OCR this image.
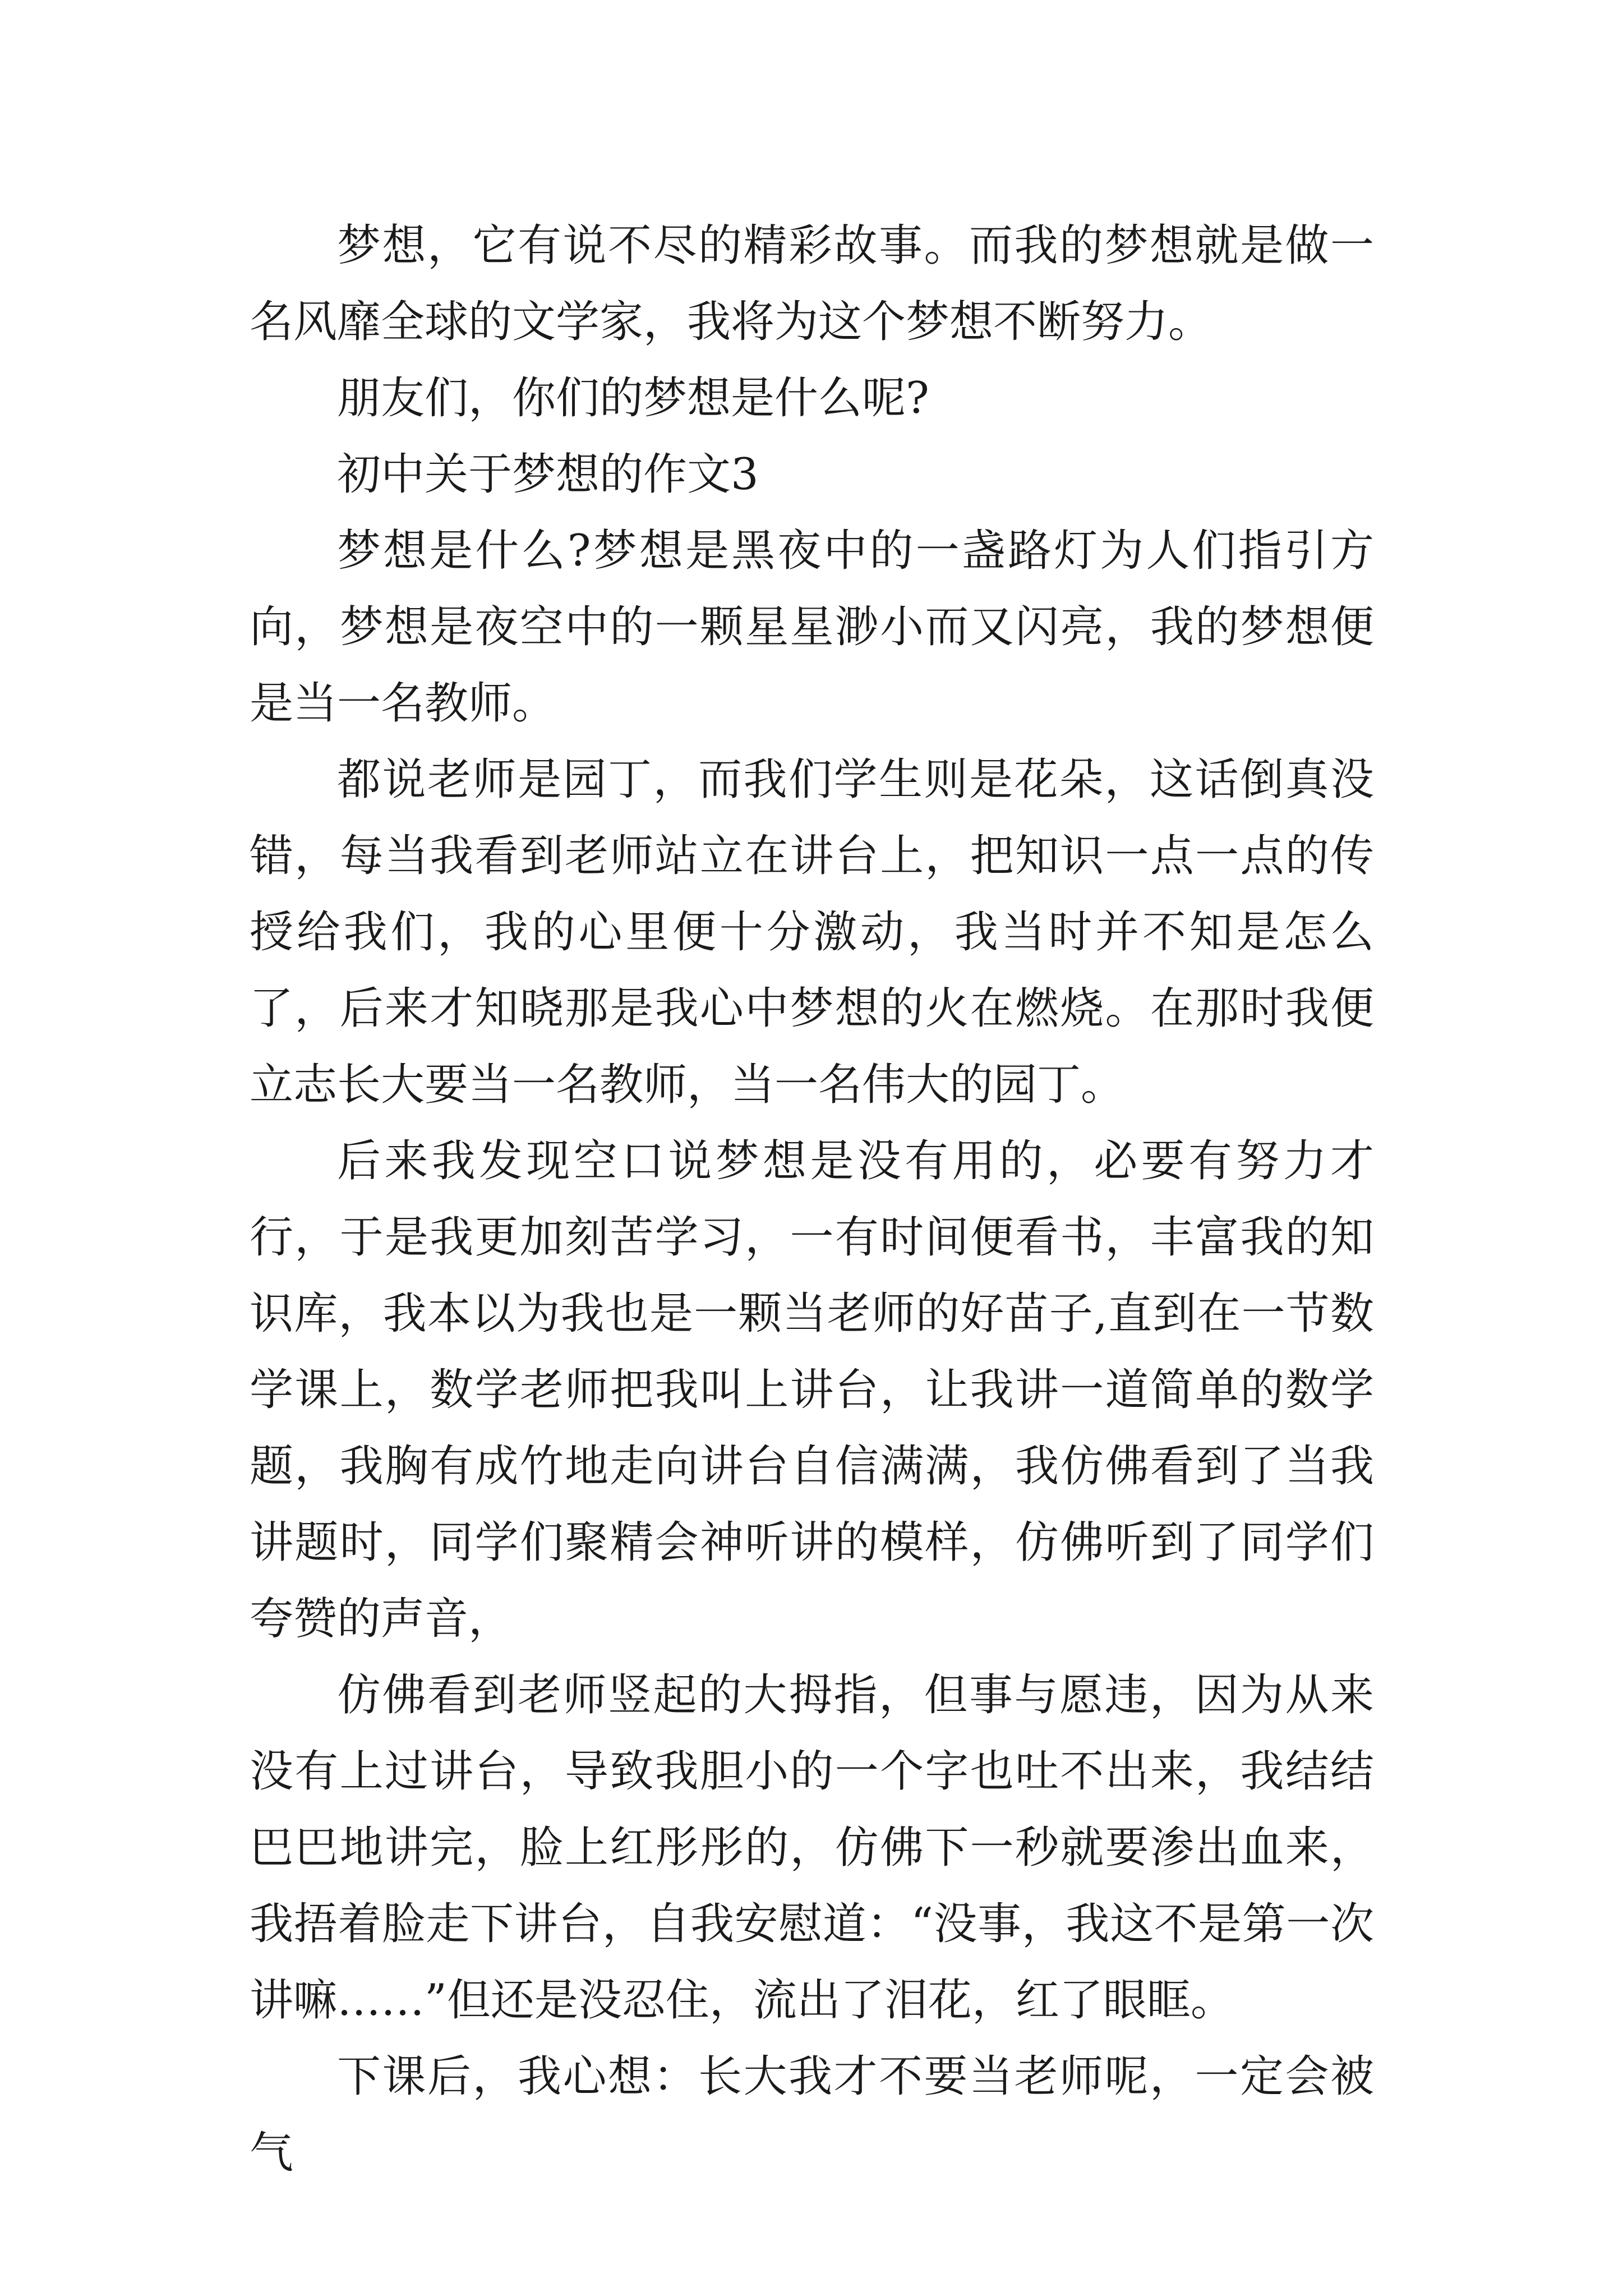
梦想，它有说不尽的精彩故事。而我的梦想就是做一名风靡全球的文学家，我将为这个梦想不断努力。

朋友们，你们的梦想是什么呢?

初中关于梦想的作文3

梦想是什么?梦想是黑夜中的一盏路灯为人们指引方向，梦想是夜空中的一颗星星渺小而又闪亮，我的梦想便是当一名教师。

都说老师是园丁，而我们学生则是花朵，这话倒真没错，每当我看到老师站立在讲台上，把知识一点一点的传授给我们，我的心里便十分激动，我当时并不知是怎么了，后来才知晓那是我心中梦想的火在燃烧。在那时我便立志长大要当一名教师，当一名伟大的园丁。

后来我发现空口说梦想是没有用的，必要有努力才行，于是我更加刻苦学习，一有时间便看书，丰富我的知识库，我本以为我也是一颗当老师的好苗子,直到在一节数学课上，数学老师把我叫上讲台，让我讲一道简单的数学题，我胸有成竹地走向讲台自信满满，我仿佛看到了当我讲题时，同学们聚精会神听讲的模样，仿佛听到了同学们夸赞的声音，

仿佛看到老师竖起的大拇指，但事与愿违，因为从来没有上过讲台，导致我胆小的一个字也吐不出来，我结结巴巴地讲完，脸上红彤彤的，仿佛下一秒就要渗出血来，我捂着脸走下讲台，自我安慰道：“没事，我这不是第一次讲嘛……”但还是没忍住，流出了泪花，红了眼眶。

下课后，我心想：长大我才不要当老师呢，一定会被气
